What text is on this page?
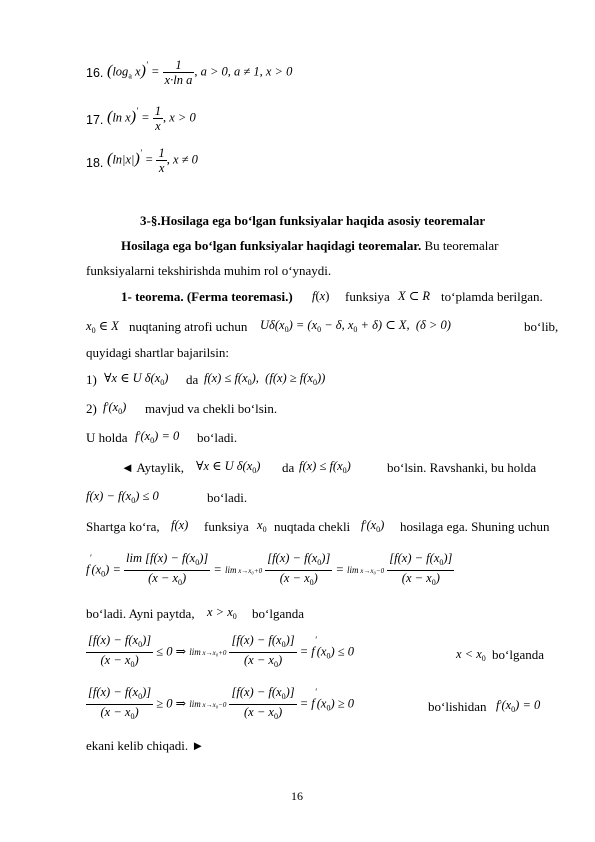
16. ($\log_a$ $x)' = \frac{1}{\text{x·ln a}}$ , a > 0, a ≠ 1, x > 0
17. (ln $x)' = \frac{1}{x}$ , x > 0
18. $(\ln|x|)' = \frac{1}{x}$ , x ≠ 0
3-§.Hosilaga ega bo‘lgan funksiyalar haqida asosiy teoremalar
Hosilaga ega bo‘lgan funksiyalar haqidagi teoremalar. Bu teoremalar
funksiyalarni tekshirishda muhim rol o‘ynaydi.
1- teorema. (Ferma teoremasi.) f(x) funksiya X ⊂ R to‘plamda berilgan.
$x_0$ ∈ X nuqtaning atrofi uchun $U\delta(x_0) = (x_0 - \delta$, $x_0 + \delta$) ⊂ X,  (δ > 0)	bo‘lib,
quyidagi shartlar bajarilsin:
1) ∀x ∈ U $\delta(x_0)$ da $f(x) \le f(x_0)$,  $(f(x) \ge f(x_0))$
2) $f'(x_0)$ mavjud va chekli bo‘lsin.
U holda $f'(x_0) = 0$ bo‘ladi.
◄ Aytaylik, ∀x ∈ U $\delta(x_0)$ da $f(x) \le f(x_0)$	bo‘lsin. Ravshanki, bu holda
$f(x) - f(x_0) \le 0$	bo‘ladi.
Shartga ko‘ra, f(x) funksiya $x_0$ nuqtada chekli $f'(x_0)$ hosilaga ega. Shuning uchun
$f'(x_0) = \frac{\lim [f(x) - f(x_0)]}{(x - x_0)} = \lim x\to x_0+0 \frac{[f(x) - f(x_0)]}{(x - x_0)} = \lim x\to x_0-0 \frac{[f(x) - f(x_0)]}{(x - x_0)}$
bo‘ladi. Ayni paytda, $x > x_0$ bo‘lganda
$\frac{[f(x) - f(x_0)]}{(x - x_0)} \le 0$ ⇒ $\lim x\to x_0+0 \frac{[f(x) - f(x_0)]}{(x - x_0)} = f'(x_0) \le 0$	$x < x_0$ bo‘lganda
$\frac{[f(x) - f(x_0)]}{(x - x_0)} \ge 0$ ⇒ $\lim x\to x_0-0 \frac{[f(x) - f(x_0)]}{(x - x_0)} = f'(x_0) \ge 0$	bo‘lishidan $f'(x_0) = 0$
ekani kelib chiqadi. ►
16
